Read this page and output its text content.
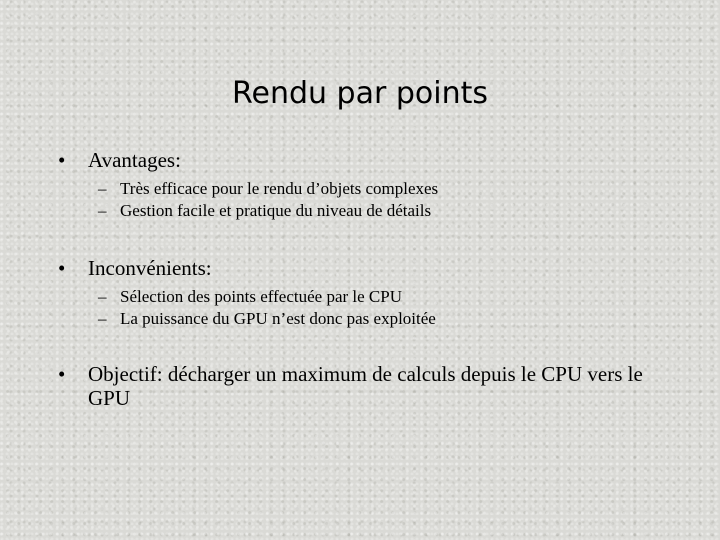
Rendu par points
• Avantages:
– Très efficace pour le rendu d’objets complexes
– Gestion facile et pratique du niveau de détails
• Inconvénients:
– Sélection des points effectuée par le CPU
– La puissance du GPU n’est donc pas exploitée
• Objectif: décharger un maximum de calculs depuis le CPU vers le GPU
